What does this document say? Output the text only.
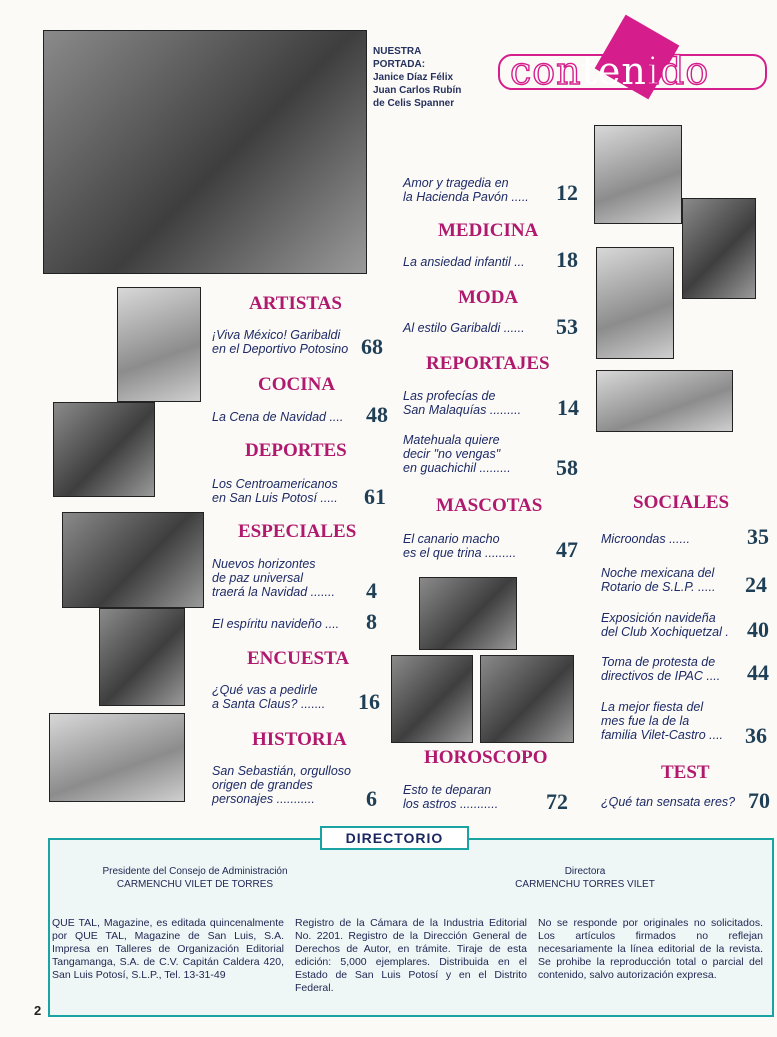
NUESTRA
PORTADA:
Janice Díaz Félix
Juan Carlos Rubín
de Celis Spanner
contenido
Amor y tragedia en
la Hacienda Pavón ..... 12
MEDICINA
La ansiedad infantil ... 18
MODA
Al estilo Garibaldi ...... 53
REPORTAJES
Las profecías de
San Malaquías ......... 14
Matehuala quiere
decir "no vengas"
en guachichil ......... 58
MASCOTAS
El canario macho
es el que trina ......... 47
HOROSCOPO
Esto te deparan
los astros ........... 72
ARTISTAS
¡Viva México! Garibaldi
en el Deportivo Potosino 68
COCINA
La Cena de Navidad .... 48
DEPORTES
Los Centroamericanos
en San Luis Potosí ..... 61
ESPECIALES
Nuevos horizontes
de paz universal
traerá la Navidad ....... 4
El espíritu navideño .... 8
ENCUESTA
¿Qué vas a pedirle
a Santa Claus? ....... 16
HISTORIA
San Sebastián, orgulloso
origen de grandes
personajes ...........	6
SOCIALES
Microondas ......	35
Noche mexicana del
Rotario de S.L.P. ..... 24
Exposición navideña
del Club Xochiquetzal . 40
Toma de protesta de
directivos de IPAC .... 44
La mejor fiesta del
mes fue la de la
familia Vilet-Castro .... 36
TEST
¿Qué tan sensata eres? 70
DIRECTORIO
Presidente del Consejo de Administración
CARMENCHU VILET DE TORRES
Directora
CARMENCHU TORRES VILET
QUE TAL, Magazine, es editada quincenalmente por QUE TAL, Magazine de San Luis, S.A. Impresa en Talleres de Organización Editorial Tangamanga, S.A. de C.V. Capitán Caldera 420, San Luis Potosí, S.L.P., Tel. 13-31-49
Registro de la Cámara de la Industria Editorial No. 2201. Registro de la Dirección General de Derechos de Autor, en trámite. Tiraje de esta edición: 5,000 ejemplares. Distribuida en el Estado de San Luis Potosí y en el Distrito Federal.
No se responde por originales no solicitados. Los artículos firmados no reflejan necesariamente la línea editorial de la revista. Se prohibe la reproducción total o parcial del contenido, salvo autorización expresa.
2
